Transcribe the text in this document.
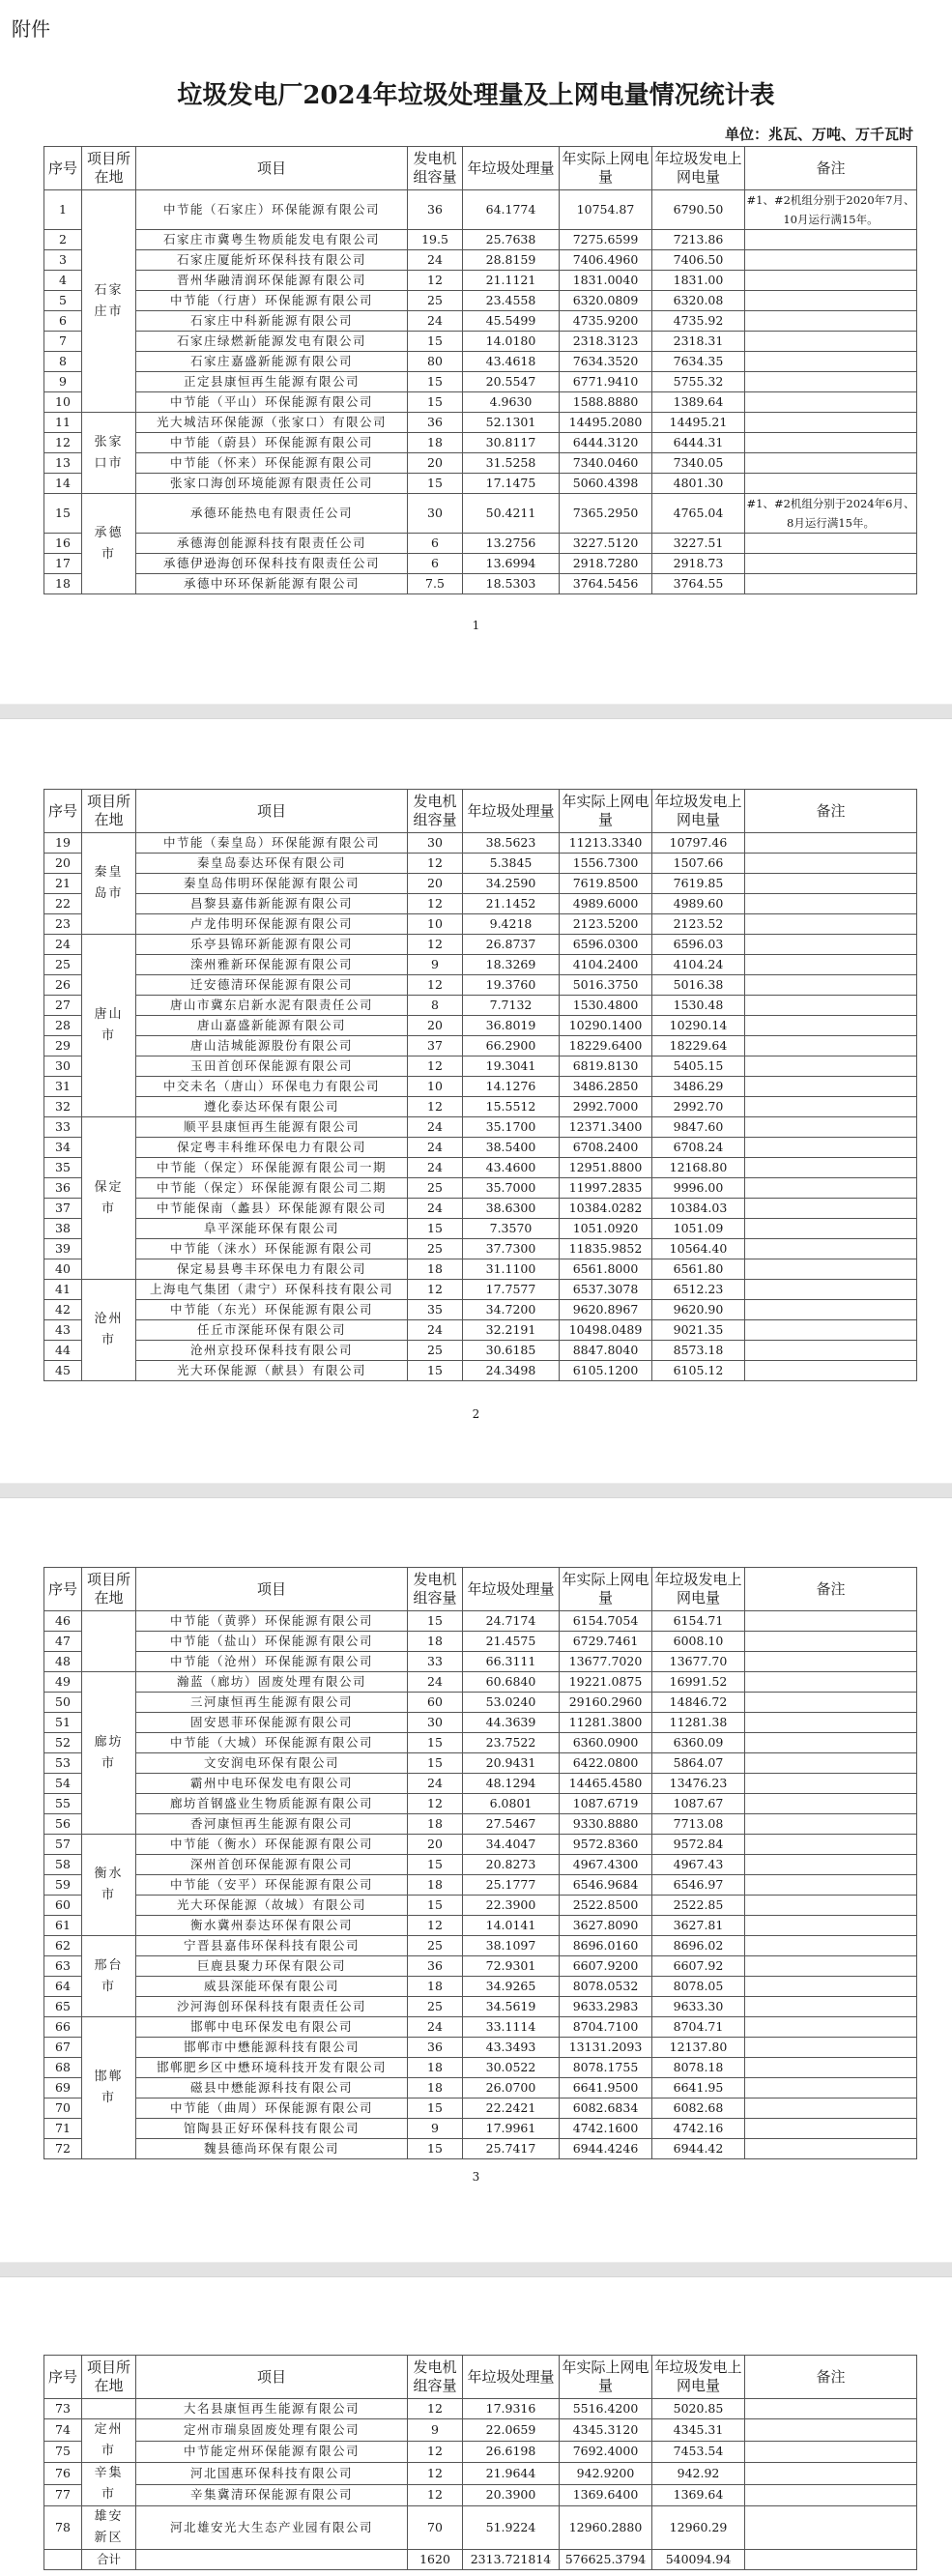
附件
垃圾发电厂2024年垃圾处理量及上网电量情况统计表
单位：兆瓦、万吨、万千瓦时
序号	项目所在地	项目	发电机组容量	年垃圾处理量	年实际上网电量	年垃圾发电上网电量	备注
1	石家庄市	中节能（石家庄）环保能源有限公司	36	64.1774	10754.87	6790.50	#1、#2机组分别于2020年7月、10月运行满15年。
2		石家庄市冀粤生物质能发电有限公司	19.5	25.7638	7275.6599	7213.86	
3		石家庄厦能炘环保科技有限公司	24	28.8159	7406.4960	7406.50	
4		晋州华融清润环保能源有限公司	12	21.1121	1831.0040	1831.00	
5		中节能（行唐）环保能源有限公司	25	23.4558	6320.0809	6320.08	
6		石家庄中科新能源有限公司	24	45.5499	4735.9200	4735.92	
7		石家庄绿燃新能源发电有限公司	15	14.0180	2318.3123	2318.31	
8		石家庄嘉盛新能源有限公司	80	43.4618	7634.3520	7634.35	
9		正定县康恒再生能源有限公司	15	20.5547	6771.9410	5755.32	
10		中节能（平山）环保能源有限公司	15	4.9630	1588.8880	1389.64	
11	张家口市	光大城洁环保能源（张家口）有限公司	36	52.1301	14495.2080	14495.21	
12		中节能（蔚县）环保能源有限公司	18	30.8117	6444.3120	6444.31	
13		中节能（怀来）环保能源有限公司	20	31.5258	7340.0460	7340.05	
14		张家口海创环境能源有限责任公司	15	17.1475	5060.4398	4801.30	
15	承德市	承德环能热电有限责任公司	30	50.4211	7365.2950	4765.04	#1、#2机组分别于2024年6月、8月运行满15年。
16		承德海创能源科技有限责任公司	6	13.2756	3227.5120	3227.51	
17		承德伊逊海创环保科技有限责任公司	6	13.6994	2918.7280	2918.73	
18		承德中环环保新能源有限公司	7.5	18.5303	3764.5456	3764.55	
1
序号	项目所在地	项目	发电机组容量	年垃圾处理量	年实际上网电量	年垃圾发电上网电量	备注
19	秦皇岛市	中节能（秦皇岛）环保能源有限公司	30	38.5623	11213.3340	10797.46	
20		秦皇岛泰达环保有限公司	12	5.3845	1556.7300	1507.66	
21		秦皇岛伟明环保能源有限公司	20	34.2590	7619.8500	7619.85	
22		昌黎县嘉伟新能源有限公司	12	21.1452	4989.6000	4989.60	
23		卢龙伟明环保能源有限公司	10	9.4218	2123.5200	2123.52	
24	唐山市	乐亭县锦环新能源有限公司	12	26.8737	6596.0300	6596.03	
25		滦州雅新环保能源有限公司	9	18.3269	4104.2400	4104.24	
26		迁安德清环保能源有限公司	12	19.3760	5016.3750	5016.38	
27		唐山市冀东启新水泥有限责任公司	8	7.7132	1530.4800	1530.48	
28		唐山嘉盛新能源有限公司	20	36.8019	10290.1400	10290.14	
29		唐山洁城能源股份有限公司	37	66.2900	18229.6400	18229.64	
30		玉田首创环保能源有限公司	12	19.3041	6819.8130	5405.15	
31		中交未名（唐山）环保电力有限公司	10	14.1276	3486.2850	3486.29	
32		遵化泰达环保有限公司	12	15.5512	2992.7000	2992.70	
33	保定市	顺平县康恒再生能源有限公司	24	35.1700	12371.3400	9847.60	
34		保定粤丰科维环保电力有限公司	24	38.5400	6708.2400	6708.24	
35		中节能（保定）环保能源有限公司一期	24	43.4600	12951.8800	12168.80	
36		中节能（保定）环保能源有限公司二期	25	35.7000	11997.2835	9996.00	
37		中节能保南（蠡县）环保能源有限公司	24	38.6300	10384.0282	10384.03	
38		阜平深能环保有限公司	15	7.3570	1051.0920	1051.09	
39		中节能（涞水）环保能源有限公司	25	37.7300	11835.9852	10564.40	
40		保定易县粤丰环保电力有限公司	18	31.1100	6561.8000	6561.80	
41	沧州市	上海电气集团（肃宁）环保科技有限公司	12	17.7577	6537.3078	6512.23	
42		中节能（东光）环保能源有限公司	35	34.7200	9620.8967	9620.90	
43		任丘市深能环保有限公司	24	32.2191	10498.0489	9021.35	
44		沧州京投环保科技有限公司	25	30.6185	8847.8040	8573.18	
45		光大环保能源（献县）有限公司	15	24.3498	6105.1200	6105.12	
2
序号	项目所在地	项目	发电机组容量	年垃圾处理量	年实际上网电量	年垃圾发电上网电量	备注
46		中节能（黄骅）环保能源有限公司	15	24.7174	6154.7054	6154.71	
47		中节能（盐山）环保能源有限公司	18	21.4575	6729.7461	6008.10	
48		中节能（沧州）环保能源有限公司	33	66.3111	13677.7020	13677.70	
49	廊坊市	瀚蓝（廊坊）固废处理有限公司	24	60.6840	19221.0875	16991.52	
50		三河康恒再生能源有限公司	60	53.0240	29160.2960	14846.72	
51		固安恩菲环保能源有限公司	30	44.3639	11281.3800	11281.38	
52		中节能（大城）环保能源有限公司	15	23.7522	6360.0900	6360.09	
53		文安润电环保有限公司	15	20.9431	6422.0800	5864.07	
54		霸州中电环保发电有限公司	24	48.1294	14465.4580	13476.23	
55		廊坊首钢盛业生物质能源有限公司	12	6.0801	1087.6719	1087.67	
56		香河康恒再生能源有限公司	18	27.5467	9330.8880	7713.08	
57	衡水市	中节能（衡水）环保能源有限公司	20	34.4047	9572.8360	9572.84	
58		深州首创环保能源有限公司	15	20.8273	4967.4300	4967.43	
59		中节能（安平）环保能源有限公司	18	25.1777	6546.9684	6546.97	
60		光大环保能源（故城）有限公司	15	22.3900	2522.8500	2522.85	
61		衡水冀州泰达环保有限公司	12	14.0141	3627.8090	3627.81	
62	邢台市	宁晋县嘉伟环保科技有限公司	25	38.1097	8696.0160	8696.02	
63		巨鹿县聚力环保有限公司	36	72.9301	6607.9200	6607.92	
64		威县深能环保有限公司	18	34.9265	8078.0532	8078.05	
65		沙河海创环保科技有限责任公司	25	34.5619	9633.2983	9633.30	
66	邯郸市	邯郸中电环保发电有限公司	24	33.1114	8704.7100	8704.71	
67		邯郸市中懋能源科技有限公司	36	43.3493	13131.2093	12137.80	
68		邯郸肥乡区中懋环境科技开发有限公司	18	30.0522	8078.1755	8078.18	
69		磁县中懋能源科技有限公司	18	26.0700	6641.9500	6641.95	
70		中节能（曲周）环保能源有限公司	15	22.2421	6082.6834	6082.68	
71		馆陶县正好环保科技有限公司	9	17.9961	4742.1600	4742.16	
72		魏县德尚环保有限公司	15	25.7417	6944.4246	6944.42	
3
序号	项目所在地	项目	发电机组容量	年垃圾处理量	年实际上网电量	年垃圾发电上网电量	备注
73		大名县康恒再生能源有限公司	12	17.9316	5516.4200	5020.85	
74	定州市	定州市瑞泉固废处理有限公司	9	22.0659	4345.3120	4345.31	
75		中节能定州环保能源有限公司	12	26.6198	7692.4000	7453.54	
76	辛集市	河北国惠环保科技有限公司	12	21.9644	942.9200	942.92	
77		辛集冀清环保能源有限公司	12	20.3900	1369.6400	1369.64	
78	雄安新区	河北雄安光大生态产业园有限公司	70	51.9224	12960.2880	12960.29	
	合计		1620	2313.721814	576625.3794	540094.94	
